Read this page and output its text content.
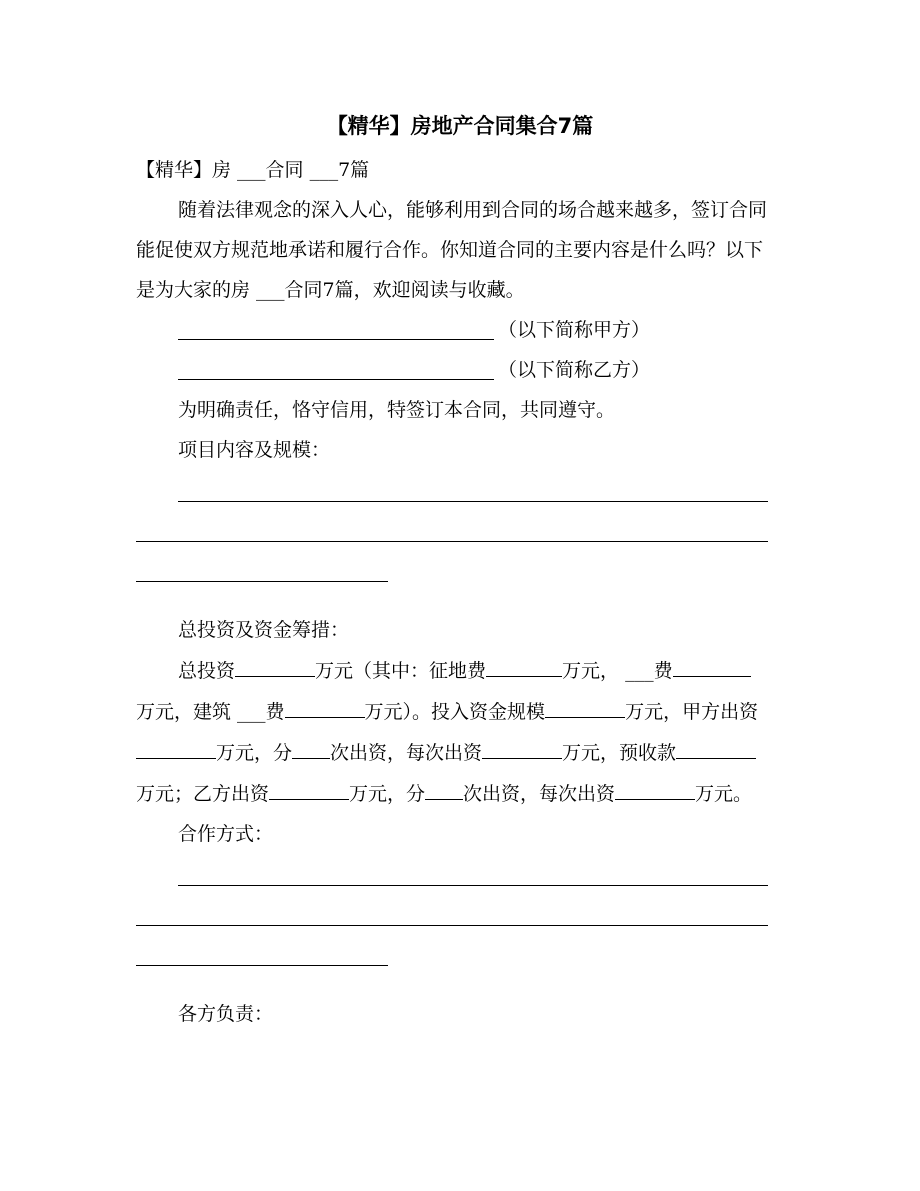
【精华】房地产合同集合7篇

【精华】房 ___合同 ___7篇

随着法律观念的深入人心，能够利用到合同的场合越来越多，签订合同能促使双方规范地承诺和履行合作。你知道合同的主要内容是什么吗？以下是为大家的房 ___合同7篇，欢迎阅读与收藏。

（以下简称甲方）
（以下简称乙方）

为明确责任，恪守信用，特签订本合同，共同遵守。

项目内容及规模：

总投资及资金筹措：

总投资	万元（其中：征地费	万元， ___费万元，建筑 ___费	万元）。投入资金规模	万元，甲方出资万元，分 次出资，每次出资	万元，预收款万元；乙方出资	万元，分 次出资，每次出资	万元。

合作方式：

各方负责：
